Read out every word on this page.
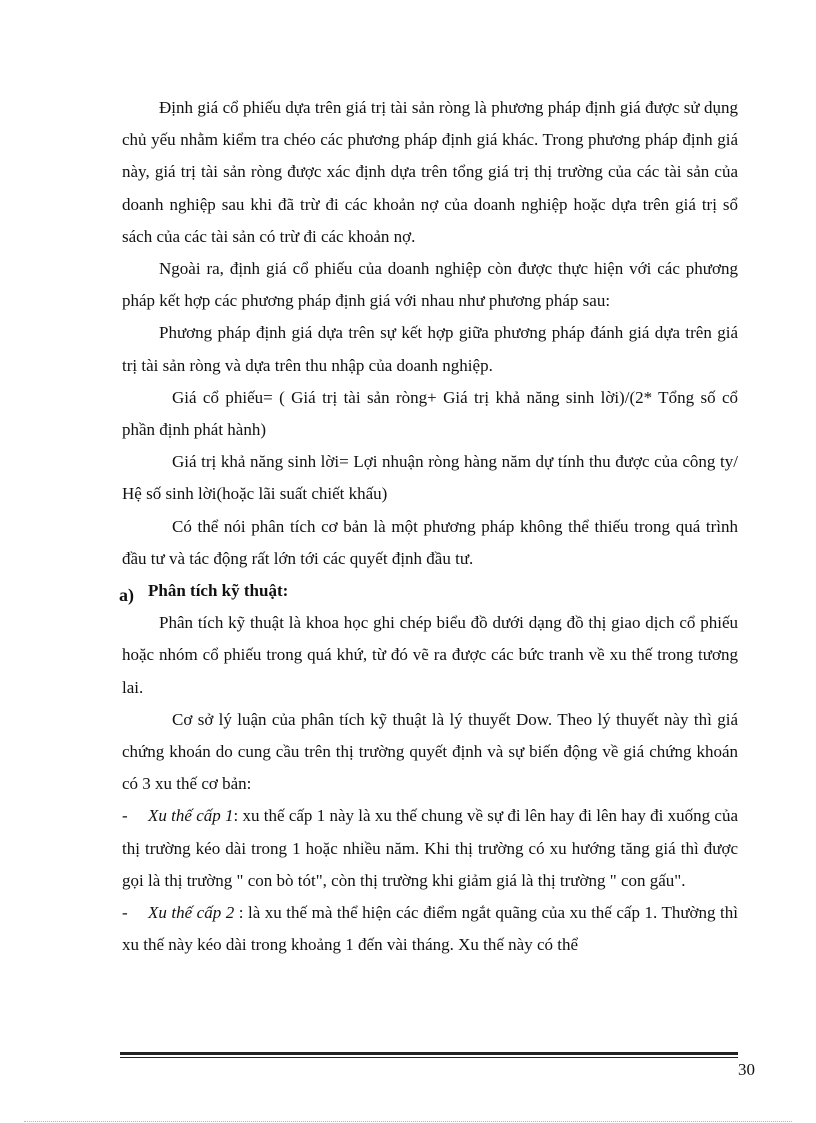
Định giá cổ phiếu dựa trên giá trị tài sản ròng là phương pháp định giá được sử dụng chủ yếu nhằm kiểm tra chéo các phương pháp định giá khác. Trong phương pháp định giá này, giá trị tài sản ròng được xác định dựa trên tổng giá trị thị trường của các tài sản của doanh nghiệp sau khi đã trừ đi các khoản nợ của doanh nghiệp hoặc dựa trên giá trị sổ sách của các tài sản có trừ đi các khoản nợ.

Ngoài ra, định giá cổ phiếu của doanh nghiệp còn được thực hiện với các phương pháp kết hợp các phương pháp định giá với nhau như phương pháp sau:

Phương pháp định giá dựa trên sự kết hợp giữa phương pháp đánh giá dựa trên giá trị tài sản ròng và dựa trên thu nhập của doanh nghiệp.

Giá cổ phiếu= ( Giá trị tài sản ròng+ Giá trị khả năng sinh lời)/(2* Tổng số cổ phần định phát hành)

Giá trị khả năng sinh lời= Lợi nhuận ròng hàng năm dự tính thu được của công ty/ Hệ số sinh lời(hoặc lãi suất chiết khấu)

Có thể nói phân tích cơ bản là một phương pháp không thể thiếu trong quá trình đầu tư và tác động rất lớn tới các quyết định đầu tư.

a) Phân tích kỹ thuật:

Phân tích kỹ thuật là khoa học ghi chép biểu đồ dưới dạng đồ thị giao dịch cổ phiếu hoặc nhóm cổ phiếu trong quá khứ, từ đó vẽ ra được các bức tranh về xu thế trong tương lai.

Cơ sở lý luận của phân tích kỹ thuật là lý thuyết Dow. Theo lý thuyết này thì giá chứng khoán do cung cầu trên thị trường quyết định và sự biến động về giá chứng khoán có 3 xu thế cơ bản:

- Xu thế cấp 1: xu thế cấp 1 này là xu thế chung về sự đi lên hay đi lên hay đi xuống của thị trường kéo dài trong 1 hoặc nhiều năm. Khi thị trường có xu hướng tăng giá thì được gọi là thị trường " con bò tót", còn thị trường khi giảm giá là thị trường " con gấu".

- Xu thế cấp 2 : là xu thế mà thể hiện các điểm ngắt quãng của xu thế cấp 1. Thường thì xu thế này kéo dài trong khoảng 1 đến vài tháng. Xu thế này có thể

30
